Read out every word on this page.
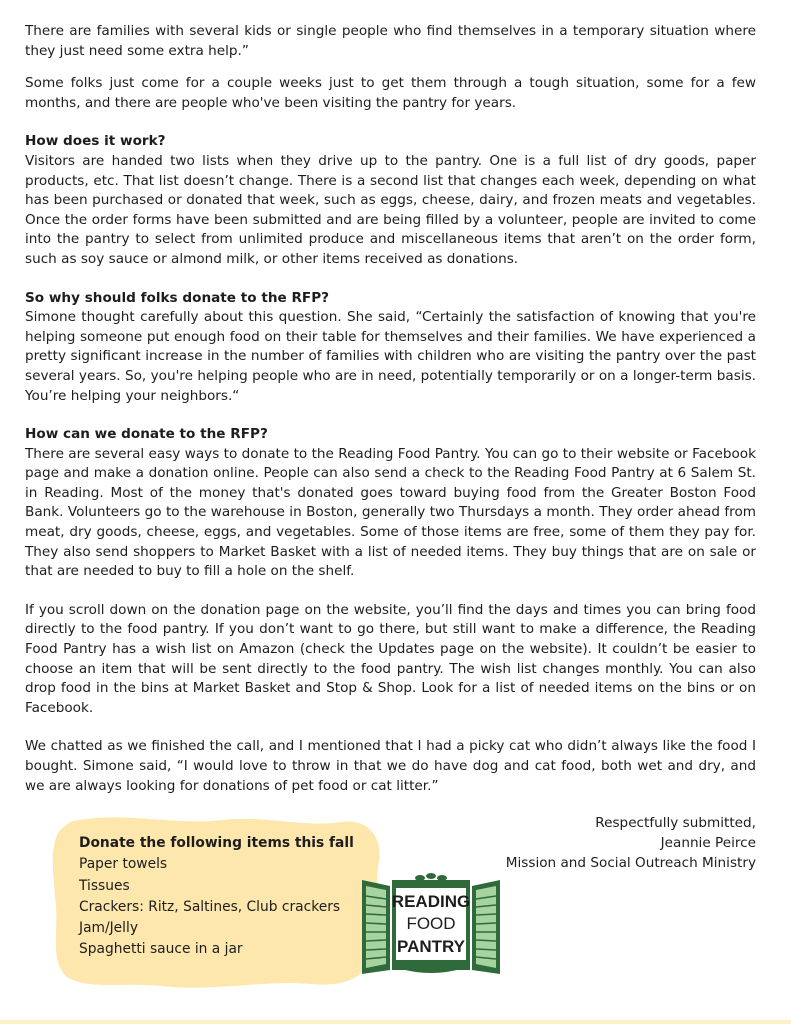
There are families with several kids or single people who find themselves in a temporary situation where they just need some extra help.”

Some folks just come for a couple weeks just to get them through a tough situation, some for a few months, and there are people who've been visiting the pantry for years.

How does it work?
Visitors are handed two lists when they drive up to the pantry. One is a full list of dry goods, paper products, etc. That list doesn’t change. There is a second list that changes each week, depending on what has been purchased or donated that week, such as eggs, cheese, dairy, and frozen meats and vegetables. Once the order forms have been submitted and are being filled by a volunteer, people are invited to come into the pantry to select from unlimited produce and miscellaneous items that aren’t on the order form, such as soy sauce or almond milk, or other items received as donations.

So why should folks donate to the RFP?
Simone thought carefully about this question. She said, “Certainly the satisfaction of knowing that you're helping someone put enough food on their table for themselves and their families. We have experienced a pretty significant increase in the number of families with children who are visiting the pantry over the past several years. So, you're helping people who are in need, potentially temporarily or on a longer-term basis. You’re helping your neighbors.“

How can we donate to the RFP?
There are several easy ways to donate to the Reading Food Pantry. You can go to their website or Facebook page and make a donation online. People can also send a check to the Reading Food Pantry at 6 Salem St. in Reading. Most of the money that's donated goes toward buying food from the Greater Boston Food Bank. Volunteers go to the warehouse in Boston, generally two Thursdays a month. They order ahead from meat, dry goods, cheese, eggs, and vegetables. Some of those items are free, some of them they pay for. They also send shoppers to Market Basket with a list of needed items. They buy things that are on sale or that are needed to buy to fill a hole on the shelf.

If you scroll down on the donation page on the website, you’ll find the days and times you can bring food directly to the food pantry. If you don’t want to go there, but still want to make a difference, the Reading Food Pantry has a wish list on Amazon (check the Updates page on the website). It couldn’t be easier to choose an item that will be sent directly to the food pantry. The wish list changes monthly. You can also drop food in the bins at Market Basket and Stop & Shop. Look for a list of needed items on the bins or on Facebook.

We chatted as we finished the call, and I mentioned that I had a picky cat who didn’t always like the food I bought. Simone said, “I would love to throw in that we do have dog and cat food, both wet and dry, and we are always looking for donations of pet food or cat litter.”

Donate the following items this fall
Paper towels
Tissues
Crackers: Ritz, Saltines, Club crackers
Jam/Jelly
Spaghetti sauce in a jar
READING
FOOD
PANTRY
Respectfully submitted,
Jeannie Peirce
Mission and Social Outreach Ministry
